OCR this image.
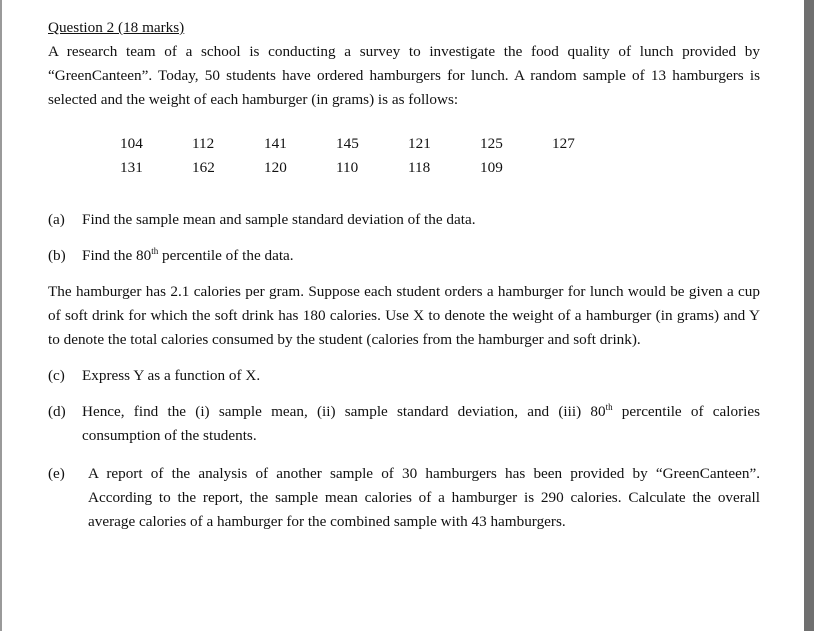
Question 2 (18 marks)
A research team of a school is conducting a survey to investigate the food quality of lunch provided by “GreenCanteen”. Today, 50 students have ordered hamburgers for lunch. A random sample of 13 hamburgers is selected and the weight of each hamburger (in grams) is as follows:
104	112	141	145	121	125	127
131	162	120	110	118	109	
(a)	Find the sample mean and sample standard deviation of the data.
(b)	Find the 80th percentile of the data.
The hamburger has 2.1 calories per gram. Suppose each student orders a hamburger for lunch would be given a cup of soft drink for which the soft drink has 180 calories. Use X to denote the weight of a hamburger (in grams) and Y to denote the total calories consumed by the student (calories from the hamburger and soft drink).
(c)	Express Y as a function of X.
(d)	Hence, find the (i) sample mean, (ii) sample standard deviation, and (iii) 80th percentile of calories consumption of the students.
(e)	A report of the analysis of another sample of 30 hamburgers has been provided by “GreenCanteen”. According to the report, the sample mean calories of a hamburger is 290 calories. Calculate the overall average calories of a hamburger for the combined sample with 43 hamburgers.
